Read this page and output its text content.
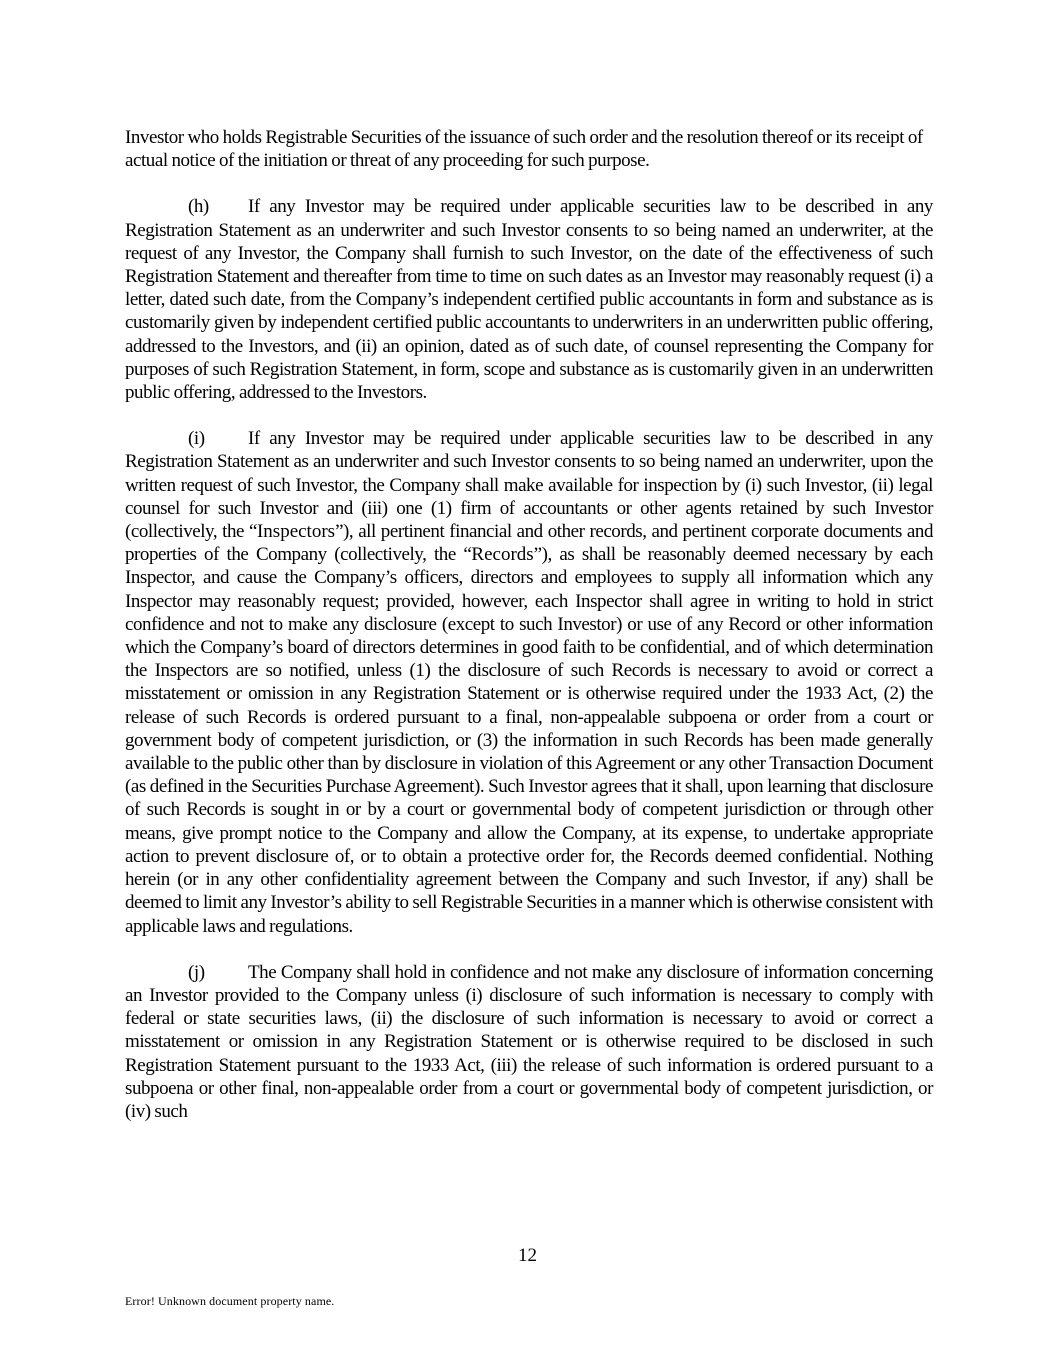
Investor who holds Registrable Securities of the issuance of such order and the resolution thereof or its receipt of actual notice of the initiation or threat of any proceeding for such purpose.

(h) If any Investor may be required under applicable securities law to be described in any Registration Statement as an underwriter and such Investor consents to so being named an underwriter, at the request of any Investor, the Company shall furnish to such Investor, on the date of the effectiveness of such Registration Statement and thereafter from time to time on such dates as an Investor may reasonably request (i) a letter, dated such date, from the Company’s independent certified public accountants in form and substance as is customarily given by independent certified public accountants to underwriters in an underwritten public offering, addressed to the Investors, and (ii) an opinion, dated as of such date, of counsel representing the Company for purposes of such Registration Statement, in form, scope and substance as is customarily given in an underwritten public offering, addressed to the Investors.

(i) If any Investor may be required under applicable securities law to be described in any Registration Statement as an underwriter and such Investor consents to so being named an underwriter, upon the written request of such Investor, the Company shall make available for inspection by (i) such Investor, (ii) legal counsel for such Investor and (iii) one (1) firm of accountants or other agents retained by such Investor (collectively, the “Inspectors”), all pertinent financial and other records, and pertinent corporate documents and properties of the Company (collectively, the “Records”), as shall be reasonably deemed necessary by each Inspector, and cause the Company’s officers, directors and employees to supply all information which any Inspector may reasonably request; provided, however, each Inspector shall agree in writing to hold in strict confidence and not to make any disclosure (except to such Investor) or use of any Record or other information which the Company’s board of directors determines in good faith to be confidential, and of which determination the Inspectors are so notified, unless (1) the disclosure of such Records is necessary to avoid or correct a misstatement or omission in any Registration Statement or is otherwise required under the 1933 Act, (2) the release of such Records is ordered pursuant to a final, non-appealable subpoena or order from a court or government body of competent jurisdiction, or (3) the information in such Records has been made generally available to the public other than by disclosure in violation of this Agreement or any other Transaction Document (as defined in the Securities Purchase Agreement). Such Investor agrees that it shall, upon learning that disclosure of such Records is sought in or by a court or governmental body of competent jurisdiction or through other means, give prompt notice to the Company and allow the Company, at its expense, to undertake appropriate action to prevent disclosure of, or to obtain a protective order for, the Records deemed confidential. Nothing herein (or in any other confidentiality agreement between the Company and such Investor, if any) shall be deemed to limit any Investor’s ability to sell Registrable Securities in a manner which is otherwise consistent with applicable laws and regulations.

(j) The Company shall hold in confidence and not make any disclosure of information concerning an Investor provided to the Company unless (i) disclosure of such information is necessary to comply with federal or state securities laws, (ii) the disclosure of such information is necessary to avoid or correct a misstatement or omission in any Registration Statement or is otherwise required to be disclosed in such Registration Statement pursuant to the 1933 Act, (iii) the release of such information is ordered pursuant to a subpoena or other final, non-appealable order from a court or governmental body of competent jurisdiction, or (iv) such

12
Error! Unknown document property name.
